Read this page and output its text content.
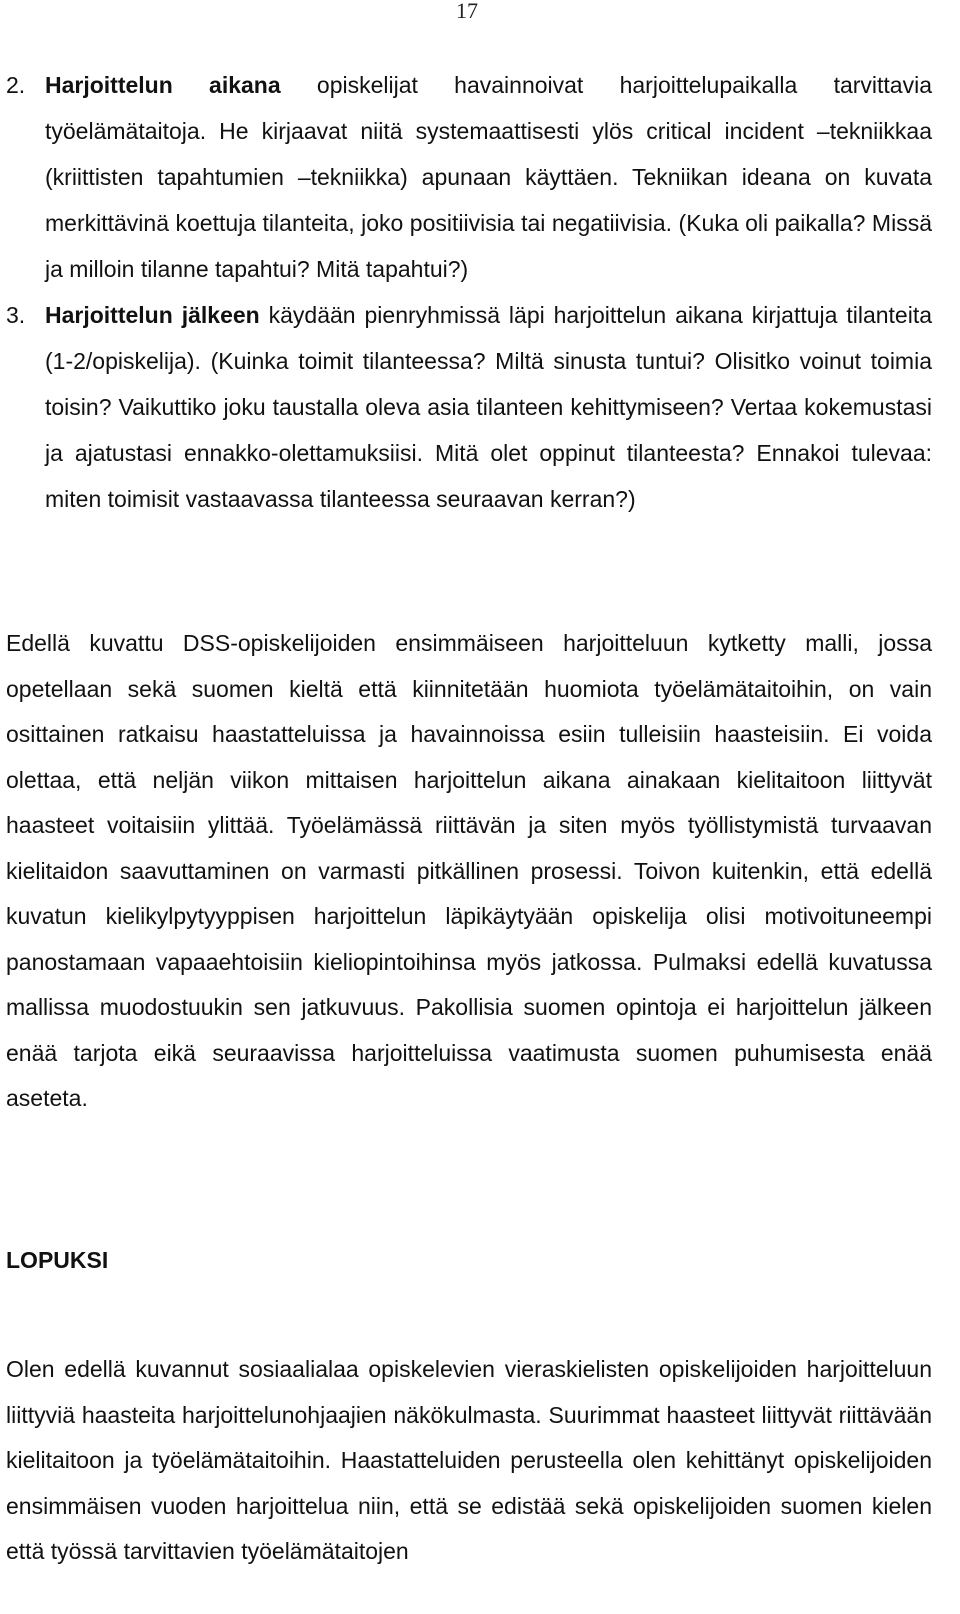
17
2. Harjoittelun aikana opiskelijat havainnoivat harjoittelupaikalla tarvittavia työelämätaitoja. He kirjaavat niitä systemaattisesti ylös critical incident –tekniikkaa (kriittisten tapahtumien –tekniikka) apunaan käyttäen. Tekniikan ideana on kuvata merkittävinä koettuja tilanteita, joko positiivisia tai negatiivisia. (Kuka oli paikalla? Missä ja milloin tilanne tapahtui? Mitä tapahtui?)
3. Harjoittelun jälkeen käydään pienryhmissä läpi harjoittelun aikana kirjattuja tilanteita (1-2/opiskelija). (Kuinka toimit tilanteessa? Miltä sinusta tuntui? Olisitko voinut toimia toisin? Vaikuttiko joku taustalla oleva asia tilanteen kehittymiseen? Vertaa kokemustasi ja ajatustasi ennakko-olettamuksiisi. Mitä olet oppinut tilanteesta? Ennakoi tulevaa: miten toimisit vastaavassa tilanteessa seuraavan kerran?)
Edellä kuvattu DSS-opiskelijoiden ensimmäiseen harjoitteluun kytketty malli, jossa opetellaan sekä suomen kieltä että kiinnitetään huomiota työelämätaitoihin, on vain osittainen ratkaisu haastatteluissa ja havainnoissa esiin tulleisiin haasteisiin. Ei voida olettaa, että neljän viikon mittaisen harjoittelun aikana ainakaan kielitaitoon liittyvät haasteet voitaisiin ylittää. Työelämässä riittävän ja siten myös työllistymistä turvaavan kielitaidon saavuttaminen on varmasti pitkällinen prosessi. Toivon kuitenkin, että edellä kuvatun kielikylpytyyppisen harjoittelun läpikäytyään opiskelija olisi motivoituneempi panostamaan vapaaehtoisiin kieliopintoihinsa myös jatkossa. Pulmaksi edellä kuvatussa mallissa muodostuukin sen jatkuvuus. Pakollisia suomen opintoja ei harjoittelun jälkeen enää tarjota eikä seuraavissa harjoitteluissa vaatimusta suomen puhumisesta enää aseteta.
LOPUKSI
Olen edellä kuvannut sosiaalialaa opiskelevien vieraskielisten opiskelijoiden harjoitteluun liittyviä haasteita harjoittelunohjaajien näkökulmasta. Suurimmat haasteet liittyvät riittävään kielitaitoon ja työelämätaitoihin. Haastatteluiden perusteella olen kehittänyt opiskelijoiden ensimmäisen vuoden harjoittelua niin, että se edistää sekä opiskelijoiden suomen kielen että työssä tarvittavien työelämätaitojen
